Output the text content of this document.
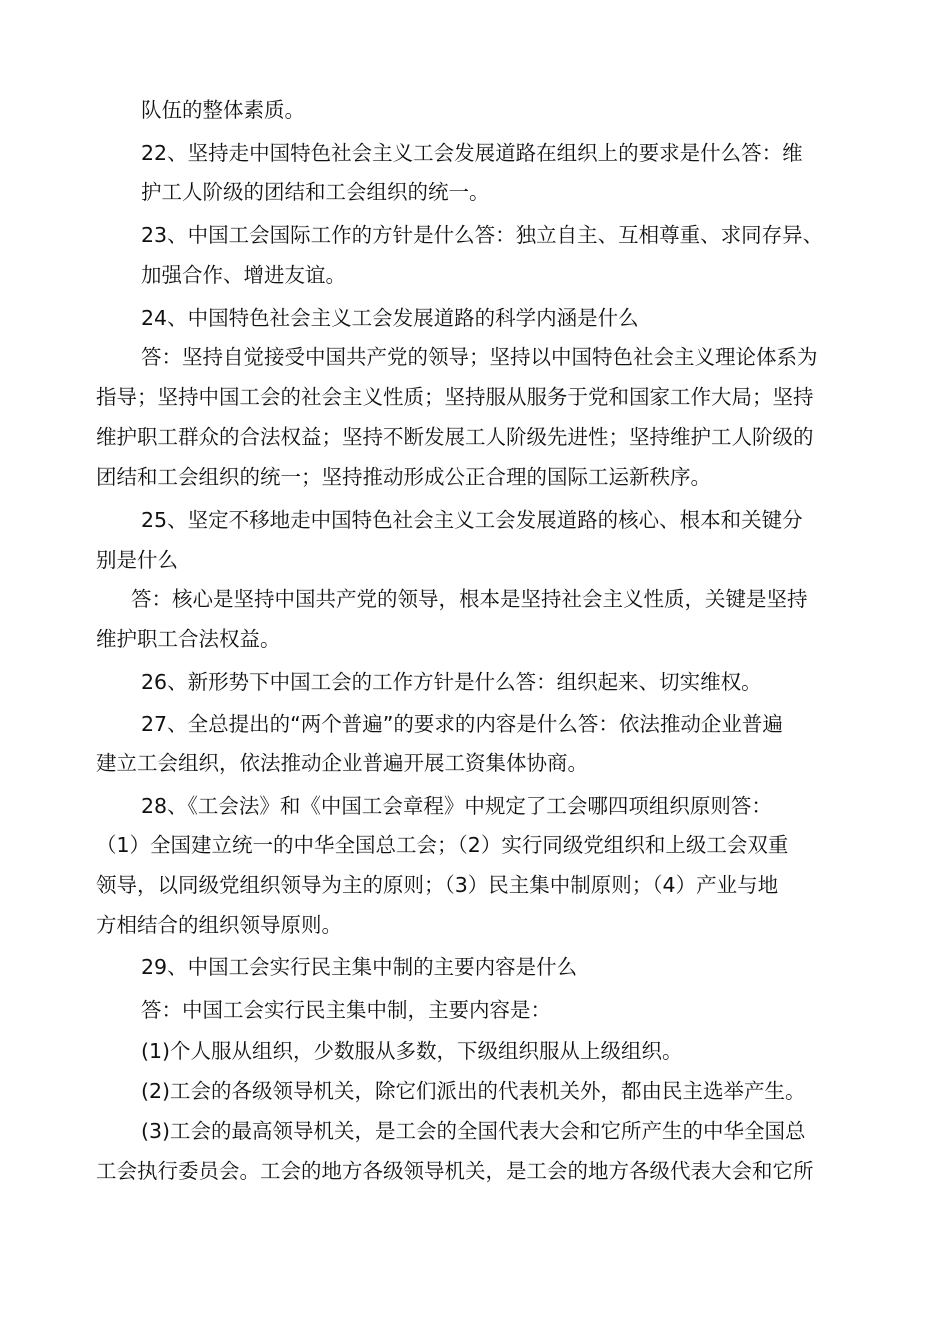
队伍的整体素质。
22、坚持走中国特色社会主义工会发展道路在组织上的要求是什么答：维
护工人阶级的团结和工会组织的统一。
23、中国工会国际工作的方针是什么答：独立自主、互相尊重、求同存异、
加强合作、增进友谊。
24、中国特色社会主义工会发展道路的科学内涵是什么
答：坚持自觉接受中国共产党的领导；坚持以中国特色社会主义理论体系为
指导；坚持中国工会的社会主义性质；坚持服从服务于党和国家工作大局；坚持
维护职工群众的合法权益；坚持不断发展工人阶级先进性；坚持维护工人阶级的
团结和工会组织的统一；坚持推动形成公正合理的国际工运新秩序。
25、坚定不移地走中国特色社会主义工会发展道路的核心、根本和关键分
别是什么
答：核心是坚持中国共产党的领导，根本是坚持社会主义性质，关键是坚持
维护职工合法权益。
26、新形势下中国工会的工作方针是什么答：组织起来、切实维权。
27、全总提出的“两个普遍”的要求的内容是什么答：依法推动企业普遍
建立工会组织，依法推动企业普遍开展工资集体协商。
28、《工会法》和《中国工会章程》中规定了工会哪四项组织原则答：
（1）全国建立统一的中华全国总工会；（2）实行同级党组织和上级工会双重
领导，以同级党组织领导为主的原则；（3）民主集中制原则；（4）产业与地
方相结合的组织领导原则。
29、中国工会实行民主集中制的主要内容是什么
答：中国工会实行民主集中制，主要内容是：
(1)个人服从组织，少数服从多数，下级组织服从上级组织。
(2)工会的各级领导机关，除它们派出的代表机关外，都由民主选举产生。
(3)工会的最高领导机关，是工会的全国代表大会和它所产生的中华全国总
工会执行委员会。工会的地方各级领导机关，是工会的地方各级代表大会和它所
